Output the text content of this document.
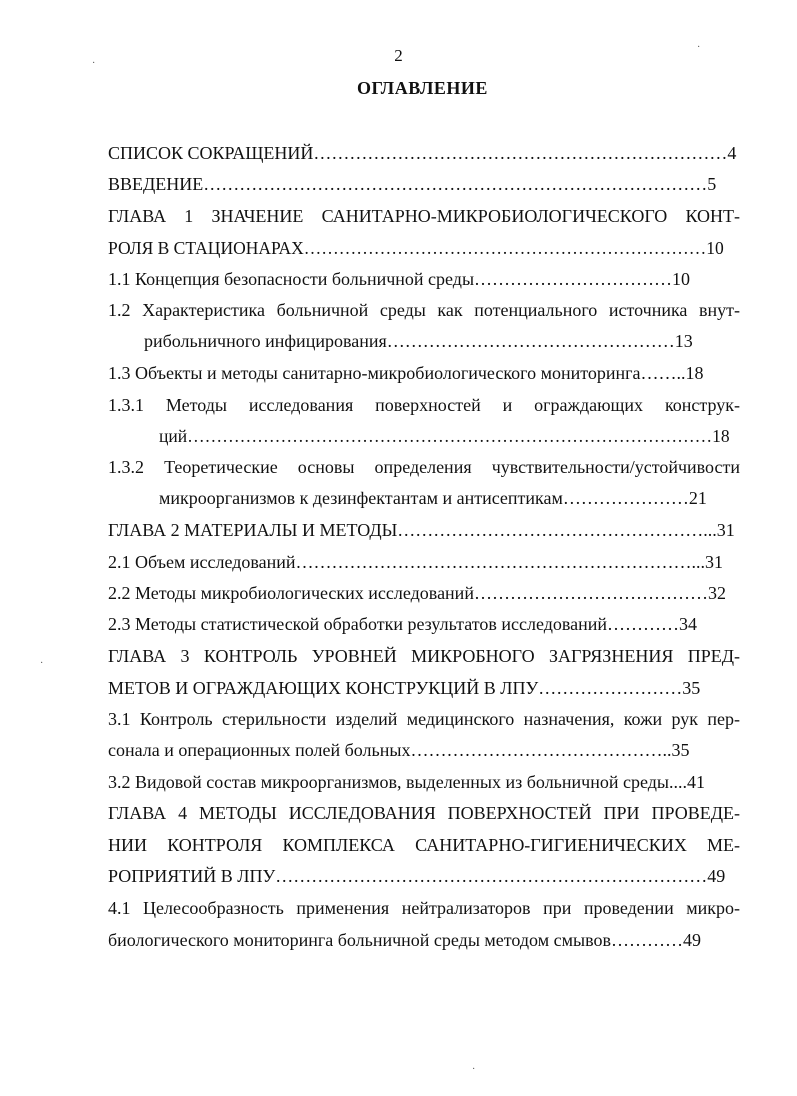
2
ОГЛАВЛЕНИЕ
СПИСОК СОКРАЩЕНИЙ……………………………………………………………4
ВВЕДЕНИЕ…………………………………………………………………………5
ГЛАВА 1 ЗНАЧЕНИЕ САНИТАРНО-МИКРОБИОЛОГИЧЕСКОГО КОНТ-
РОЛЯ В СТАЦИОНАРАХ……………………………………………………………10
1.1 Концепция безопасности больничной среды……………………………10
1.2 Характеристика больничной среды как потенциального источника внут-
рибольничного инфицирования…………………………………………13
1.3 Объекты и методы санитарно-микробиологического мониторинга……..18
1.3.1 Методы исследования поверхностей и ограждающих конструк-
ций………………………………………………………………………………18
1.3.2 Теоретические основы определения чувствительности/устойчивости
микроорганизмов к дезинфектантам и антисептикам…………………21
ГЛАВА 2 МАТЕРИАЛЫ И МЕТОДЫ……………………………………………...31
2.1 Объем исследований…………………………………………………………...31
2.2 Методы микробиологических исследований…………………………………32
2.3 Методы статистической обработки результатов исследований…………34
ГЛАВА 3 КОНТРОЛЬ УРОВНЕЙ МИКРОБНОГО ЗАГРЯЗНЕНИЯ ПРЕД-
МЕТОВ И ОГРАЖДАЮЩИХ КОНСТРУКЦИЙ В ЛПУ……………………35
3.1 Контроль стерильности изделий медицинского назначения, кожи рук пер-
сонала и операционных полей больных……………………………………..35
3.2 Видовой состав микроорганизмов, выделенных из больничной среды....41
ГЛАВА 4 МЕТОДЫ ИССЛЕДОВАНИЯ ПОВЕРХНОСТЕЙ ПРИ ПРОВЕДЕ-
НИИ КОНТРОЛЯ КОМПЛЕКСА САНИТАРНО-ГИГИЕНИЧЕСКИХ МЕ-
РОПРИЯТИЙ В ЛПУ………………………………………………………………49
4.1 Целесообразность применения нейтрализаторов при проведении микро-
биологического мониторинга больничной среды методом смывов…………49
·
·
·
·
